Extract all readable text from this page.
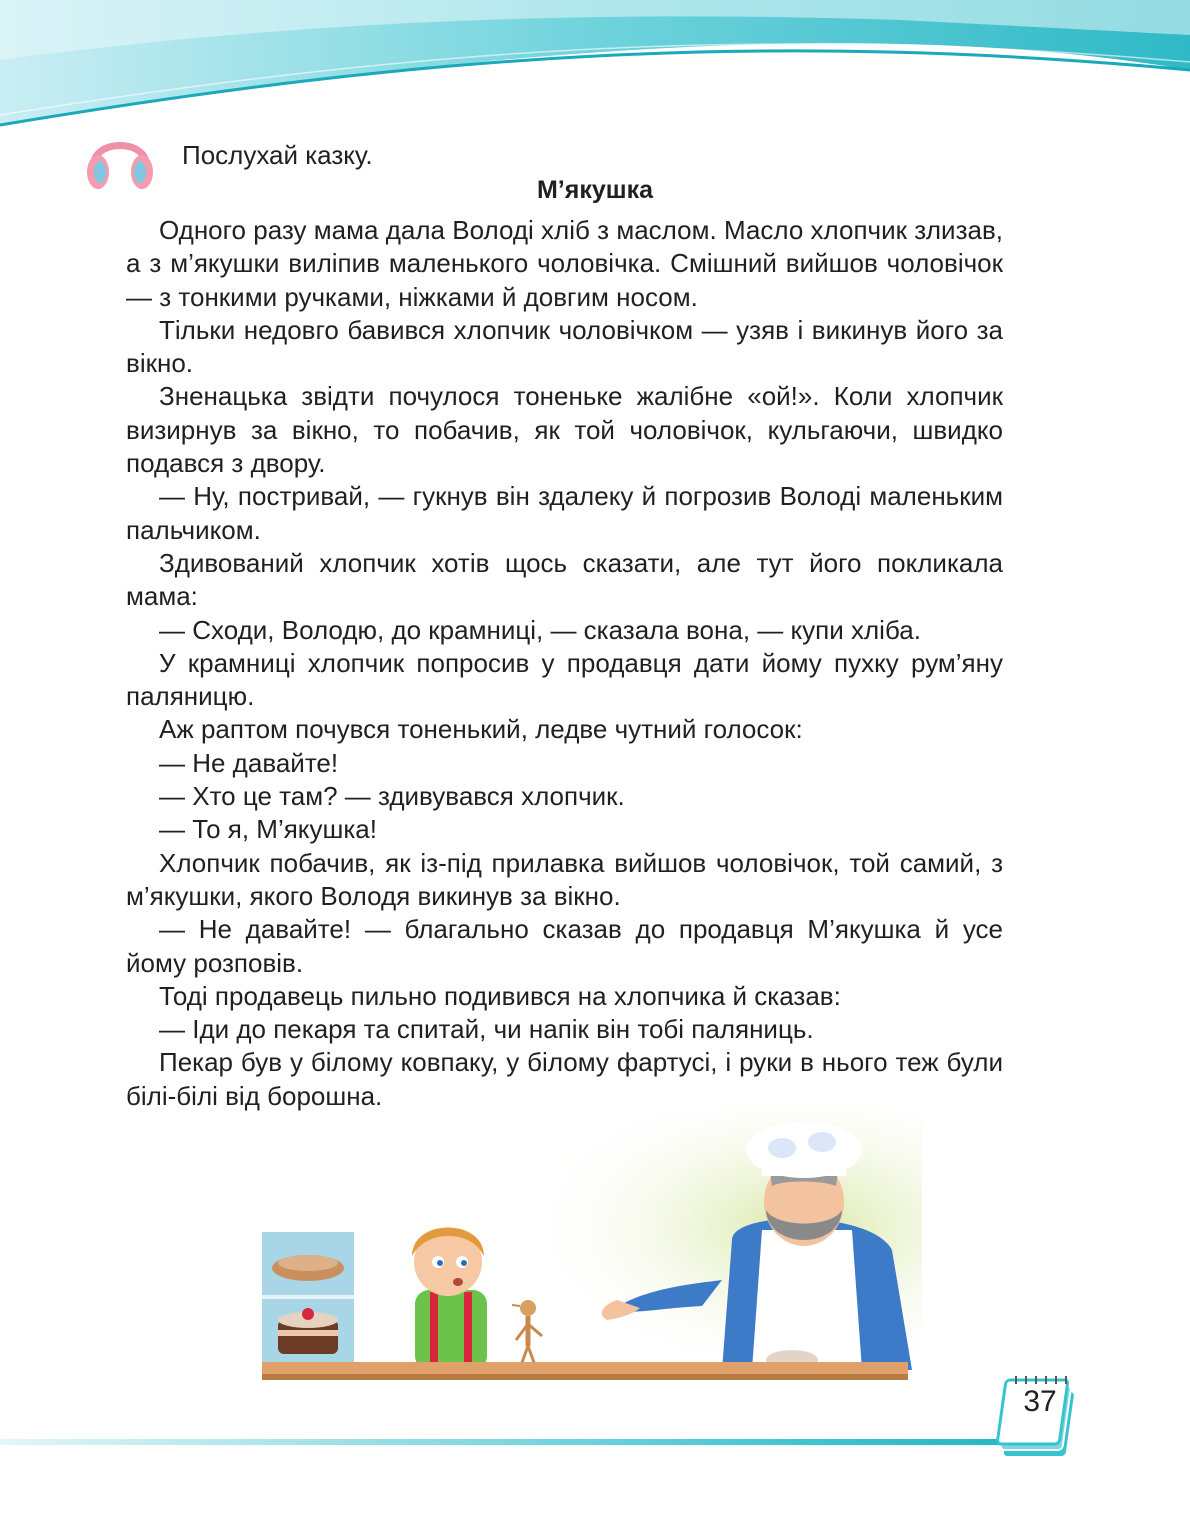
Послухай казку.
М’якушка

Одного разу мама дала Володі хліб з маслом. Масло хлопчик злизав, а з м’якушки виліпив маленького чоловічка. Смішний вийшов чоловічок — з тонкими ручками, ніжками й довгим носом.

Тільки недовго бавився хлопчик чоловічком — узяв і викинув його за вікно.

Зненацька звідти почулося тоненьке жалібне «ой!». Коли хлопчик визирнув за вікно, то побачив, як той чоловічок, кульгаючи, швидко подався з двору.

— Ну, постривай, — гукнув він здалеку й погрозив Володі маленьким пальчиком.

Здивований хлопчик хотів щось сказати, але тут його покликала мама:

— Сходи, Володю, до крамниці, — сказала вона, — купи хліба.

У крамниці хлопчик попросив у продавця дати йому пухку рум’яну паляницю.

Аж раптом почувся тоненький, ледве чутний голосок:

— Не давайте!

— Хто це там? — здивувався хлопчик.

— То я, М’якушка!

Хлопчик побачив, як із-під прилавка вийшов чоловічок, той самий, з м’якушки, якого Володя викинув за вікно.

— Не давайте! — благально сказав до продавця М’якушка й усе йому розповів.

Тоді продавець пильно подивився на хлопчика й сказав:

— Іди до пекаря та спитай, чи напік він тобі паляниць.

Пекар був у білому ковпаку, у білому фартусі, і руки в нього теж були білі-білі від борошна.

37
